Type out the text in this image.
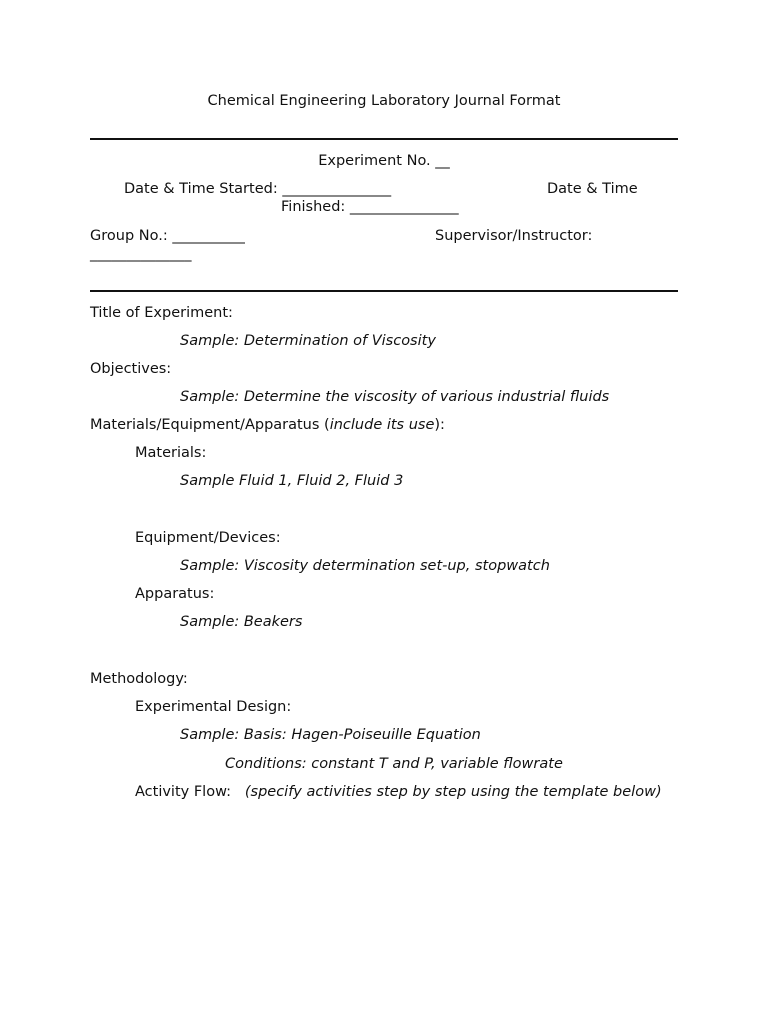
Chemical Engineering Laboratory Journal Format
Experiment No. __
Date & Time Started: _______________	Date & Time
Finished: _______________
Group No.: __________	Supervisor/Instructor:
______________
Title of Experiment:
Sample: Determination of Viscosity
Objectives:
Sample: Determine the viscosity of various industrial fluids
Materials/Equipment/Apparatus (include its use):
Materials:
Sample Fluid 1, Fluid 2, Fluid 3
Equipment/Devices:
Sample: Viscosity determination set-up, stopwatch
Apparatus:
Sample: Beakers
Methodology:
Experimental Design:
Sample: Basis: Hagen-Poiseuille Equation
Conditions: constant T and P, variable flowrate
Activity Flow: (specify activities step by step using the template below)
